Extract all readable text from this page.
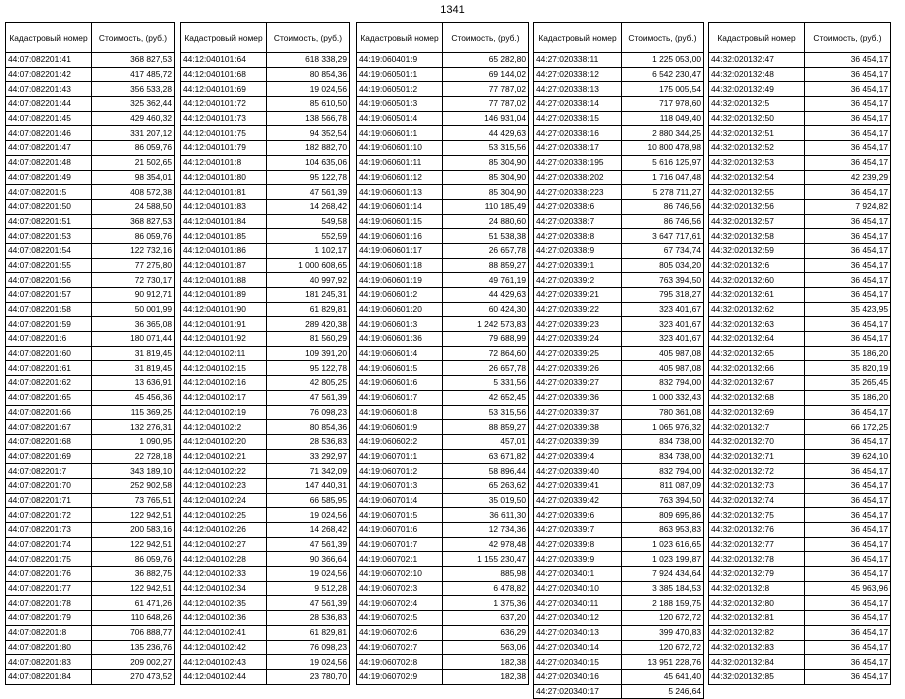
1341
Кадастровый номер	Стоимость, (руб.)
44:07:082201:41	368 827,53
44:07:082201:42	417 485,72
44:07:082201:43	356 533,28
44:07:082201:44	325 362,44
44:07:082201:45	429 460,32
44:07:082201:46	331 207,12
44:07:082201:47	86 059,76
44:07:082201:48	21 502,65
44:07:082201:49	98 354,01
44:07:082201:5	408 572,38
44:07:082201:50	24 588,50
44:07:082201:51	368 827,53
44:07:082201:53	86 059,76
44:07:082201:54	122 732,16
44:07:082201:55	77 275,80
44:07:082201:56	72 730,17
44:07:082201:57	90 912,71
44:07:082201:58	50 001,99
44:07:082201:59	36 365,08
44:07:082201:6	180 071,44
44:07:082201:60	31 819,45
44:07:082201:61	31 819,45
44:07:082201:62	13 636,91
44:07:082201:65	45 456,36
44:07:082201:66	115 369,25
44:07:082201:67	132 276,31
44:07:082201:68	1 090,95
44:07:082201:69	22 728,18
44:07:082201:7	343 189,10
44:07:082201:70	252 902,58
44:07:082201:71	73 765,51
44:07:082201:72	122 942,51
44:07:082201:73	200 583,16
44:07:082201:74	122 942,51
44:07:082201:75	86 059,76
44:07:082201:76	36 882,75
44:07:082201:77	122 942,51
44:07:082201:78	61 471,26
44:07:082201:79	110 648,26
44:07:082201:8	706 888,77
44:07:082201:80	135 236,76
44:07:082201:83	209 002,27
44:07:082201:84	270 473,52
Кадастровый номер	Стоимость, (руб.)
44:12:040101:64	618 338,29
44:12:040101:68	80 854,36
44:12:040101:69	19 024,56
44:12:040101:72	85 610,50
44:12:040101:73	138 566,78
44:12:040101:75	94 352,54
44:12:040101:79	182 882,70
44:12:040101:8	104 635,06
44:12:040101:80	95 122,78
44:12:040101:81	47 561,39
44:12:040101:83	14 268,42
44:12:040101:84	549,58
44:12:040101:85	552,59
44:12:040101:86	1 102,17
44:12:040101:87	1 000 608,65
44:12:040101:88	40 997,92
44:12:040101:89	181 245,31
44:12:040101:90	61 829,81
44:12:040101:91	289 420,38
44:12:040101:92	81 560,29
44:12:040102:11	109 391,20
44:12:040102:15	95 122,78
44:12:040102:16	42 805,25
44:12:040102:17	47 561,39
44:12:040102:19	76 098,23
44:12:040102:2	80 854,36
44:12:040102:20	28 536,83
44:12:040102:21	33 292,97
44:12:040102:22	71 342,09
44:12:040102:23	147 440,31
44:12:040102:24	66 585,95
44:12:040102:25	19 024,56
44:12:040102:26	14 268,42
44:12:040102:27	47 561,39
44:12:040102:28	90 366,64
44:12:040102:33	19 024,56
44:12:040102:34	9 512,28
44:12:040102:35	47 561,39
44:12:040102:36	28 536,83
44:12:040102:41	61 829,81
44:12:040102:42	76 098,23
44:12:040102:43	19 024,56
44:12:040102:44	23 780,70
Кадастровый номер	Стоимость, (руб.)
44:19:060401:9	65 282,80
44:19:060501:1	69 144,02
44:19:060501:2	77 787,02
44:19:060501:3	77 787,02
44:19:060501:4	146 931,04
44:19:060601:1	44 429,63
44:19:060601:10	53 315,56
44:19:060601:11	85 304,90
44:19:060601:12	85 304,90
44:19:060601:13	85 304,90
44:19:060601:14	110 185,49
44:19:060601:15	24 880,60
44:19:060601:16	51 538,38
44:19:060601:17	26 657,78
44:19:060601:18	88 859,27
44:19:060601:19	49 761,19
44:19:060601:2	44 429,63
44:19:060601:20	60 424,30
44:19:060601:3	1 242 573,83
44:19:060601:36	79 688,99
44:19:060601:4	72 864,60
44:19:060601:5	26 657,78
44:19:060601:6	5 331,56
44:19:060601:7	42 652,45
44:19:060601:8	53 315,56
44:19:060601:9	88 859,27
44:19:060602:2	457,01
44:19:060701:1	63 671,82
44:19:060701:2	58 896,44
44:19:060701:3	65 263,62
44:19:060701:4	35 019,50
44:19:060701:5	36 611,30
44:19:060701:6	12 734,36
44:19:060701:7	42 978,48
44:19:060702:1	1 155 230,47
44:19:060702:10	885,98
44:19:060702:3	6 478,82
44:19:060702:4	1 375,36
44:19:060702:5	637,20
44:19:060702:6	636,29
44:19:060702:7	563,06
44:19:060702:8	182,38
44:19:060702:9	182,38
Кадастровый номер	Стоимость, (руб.)
44:27:020338:11	1 225 053,00
44:27:020338:12	6 542 230,47
44:27:020338:13	175 005,54
44:27:020338:14	717 978,60
44:27:020338:15	118 049,40
44:27:020338:16	2 880 344,25
44:27:020338:17	10 800 478,98
44:27:020338:195	5 616 125,97
44:27:020338:202	1 716 047,48
44:27:020338:223	5 278 711,27
44:27:020338:6	86 746,56
44:27:020338:7	86 746,56
44:27:020338:8	3 647 717,61
44:27:020338:9	67 734,74
44:27:020339:1	805 034,20
44:27:020339:2	763 394,50
44:27:020339:21	795 318,27
44:27:020339:22	323 401,67
44:27:020339:23	323 401,67
44:27:020339:24	323 401,67
44:27:020339:25	405 987,08
44:27:020339:26	405 987,08
44:27:020339:27	832 794,00
44:27:020339:36	1 000 332,43
44:27:020339:37	780 361,08
44:27:020339:38	1 065 976,32
44:27:020339:39	834 738,00
44:27:020339:4	834 738,00
44:27:020339:40	832 794,00
44:27:020339:41	811 087,09
44:27:020339:42	763 394,50
44:27:020339:6	809 695,86
44:27:020339:7	863 953,83
44:27:020339:8	1 023 616,65
44:27:020339:9	1 023 199,87
44:27:020340:1	7 924 434,64
44:27:020340:10	3 385 184,53
44:27:020340:11	2 188 159,75
44:27:020340:12	120 672,72
44:27:020340:13	399 470,83
44:27:020340:14	120 672,72
44:27:020340:15	13 951 228,76
44:27:020340:16	45 641,40
44:27:020340:17	5 246,64
Кадастровый номер	Стоимость, (руб.)
44:32:020132:47	36 454,17
44:32:020132:48	36 454,17
44:32:020132:49	36 454,17
44:32:020132:5	36 454,17
44:32:020132:50	36 454,17
44:32:020132:51	36 454,17
44:32:020132:52	36 454,17
44:32:020132:53	36 454,17
44:32:020132:54	42 239,29
44:32:020132:55	36 454,17
44:32:020132:56	7 924,82
44:32:020132:57	36 454,17
44:32:020132:58	36 454,17
44:32:020132:59	36 454,17
44:32:020132:6	36 454,17
44:32:020132:60	36 454,17
44:32:020132:61	36 454,17
44:32:020132:62	35 423,95
44:32:020132:63	36 454,17
44:32:020132:64	36 454,17
44:32:020132:65	35 186,20
44:32:020132:66	35 820,19
44:32:020132:67	35 265,45
44:32:020132:68	35 186,20
44:32:020132:69	36 454,17
44:32:020132:7	66 172,25
44:32:020132:70	36 454,17
44:32:020132:71	39 624,10
44:32:020132:72	36 454,17
44:32:020132:73	36 454,17
44:32:020132:74	36 454,17
44:32:020132:75	36 454,17
44:32:020132:76	36 454,17
44:32:020132:77	36 454,17
44:32:020132:78	36 454,17
44:32:020132:79	36 454,17
44:32:020132:8	45 963,96
44:32:020132:80	36 454,17
44:32:020132:81	36 454,17
44:32:020132:82	36 454,17
44:32:020132:83	36 454,17
44:32:020132:84	36 454,17
44:32:020132:85	36 454,17
